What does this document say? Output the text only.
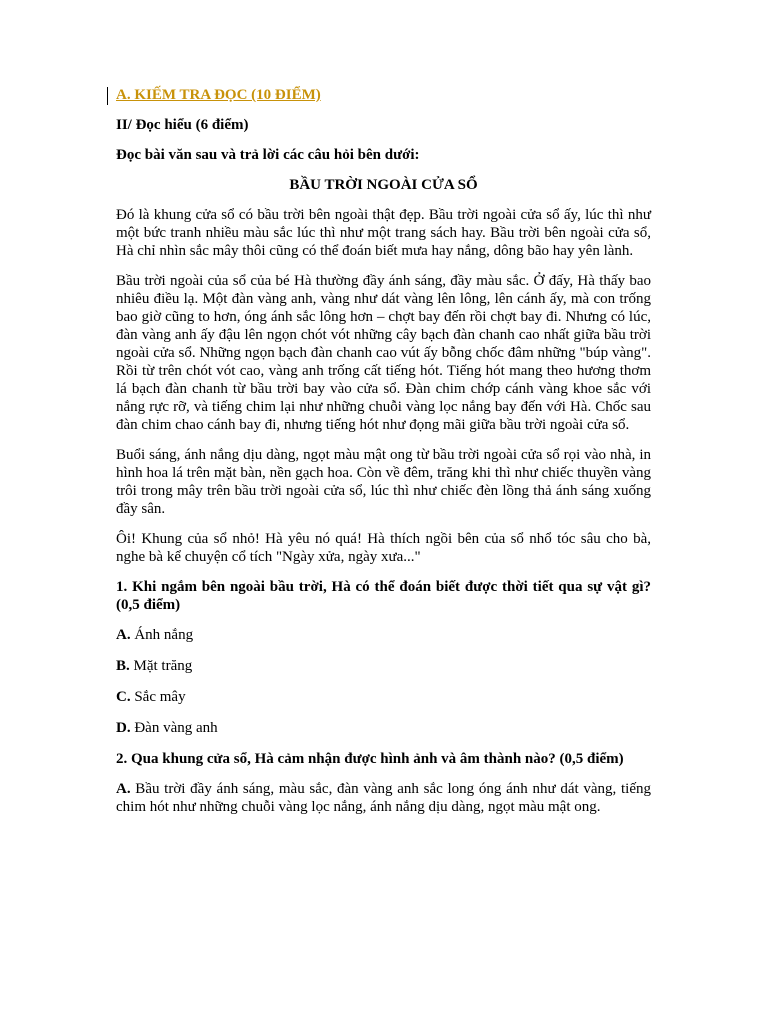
A. KIẾM TRA ĐỌC (10 ĐIỂM)

II/ Đọc hiểu (6 điểm)

Đọc bài văn sau và trả lời các câu hỏi bên dưới:

BẦU TRỜI NGOÀI CỬA SỔ

Đó là khung cửa sổ có bầu trời bên ngoài thật đẹp. Bầu trời ngoài cửa sổ ấy, lúc thì như một bức tranh nhiều màu sắc lúc thì như một trang sách hay. Bầu trời bên ngoài cửa sổ, Hà chỉ nhìn sắc mây thôi cũng có thể đoán biết mưa hay nắng, dông bão hay yên lành.

Bầu trời ngoài của sổ của bé Hà thường đầy ánh sáng, đầy màu sắc. Ở đấy, Hà thấy bao nhiêu điều lạ. Một đàn vàng anh, vàng như dát vàng lên lông, lên cánh ấy, mà con trống bao giờ cũng to hơn, óng ánh sắc lông hơn – chợt bay đến rồi chợt bay đi. Nhưng có lúc, đàn vàng anh ấy đậu lên ngọn chót vót những cây bạch đàn chanh cao nhất giữa bầu trời ngoài cửa sổ. Những ngọn bạch đàn chanh cao vút ấy bỗng chốc đâm những "búp vàng". Rồi từ trên chót vót cao, vàng anh trống cất tiếng hót. Tiếng hót mang theo hương thơm lá bạch đàn chanh từ bầu trời bay vào cửa sổ. Đàn chim chớp cánh vàng khoe sắc với nắng rực rỡ, và tiếng chim lại như những chuỗi vàng lọc nắng bay đến với Hà. Chốc sau đàn chim chao cánh bay đi, nhưng tiếng hót như đọng mãi giữa bầu trời ngoài cửa sổ.

Buổi sáng, ánh nắng dịu dàng, ngọt màu mật ong từ bầu trời ngoài cửa sổ rọi vào nhà, in hình hoa lá trên mặt bàn, nền gạch hoa. Còn về đêm, trăng khi thì như chiếc thuyền vàng trôi trong mây trên bầu trời ngoài cửa sổ, lúc thì như chiếc đèn lồng thả ánh sáng xuống đầy sân.

Ôi! Khung của sổ nhỏ! Hà yêu nó quá! Hà thích ngồi bên của sổ nhổ tóc sâu cho bà, nghe bà kể chuyện cổ tích "Ngày xửa, ngày xưa..."

1. Khi ngắm bên ngoài bầu trời, Hà có thể đoán biết được thời tiết qua sự vật gì? (0,5 điểm)

A. Ánh nắng

B. Mặt trăng

C. Sắc mây

D. Đàn vàng anh

2. Qua khung cửa sổ, Hà cảm nhận được hình ảnh và âm thành nào? (0,5 điểm)

A. Bầu trời đầy ánh sáng, màu sắc, đàn vàng anh sắc long óng ánh như dát vàng, tiếng chim hót như những chuỗi vàng lọc nắng, ánh nắng dịu dàng, ngọt màu mật ong.
